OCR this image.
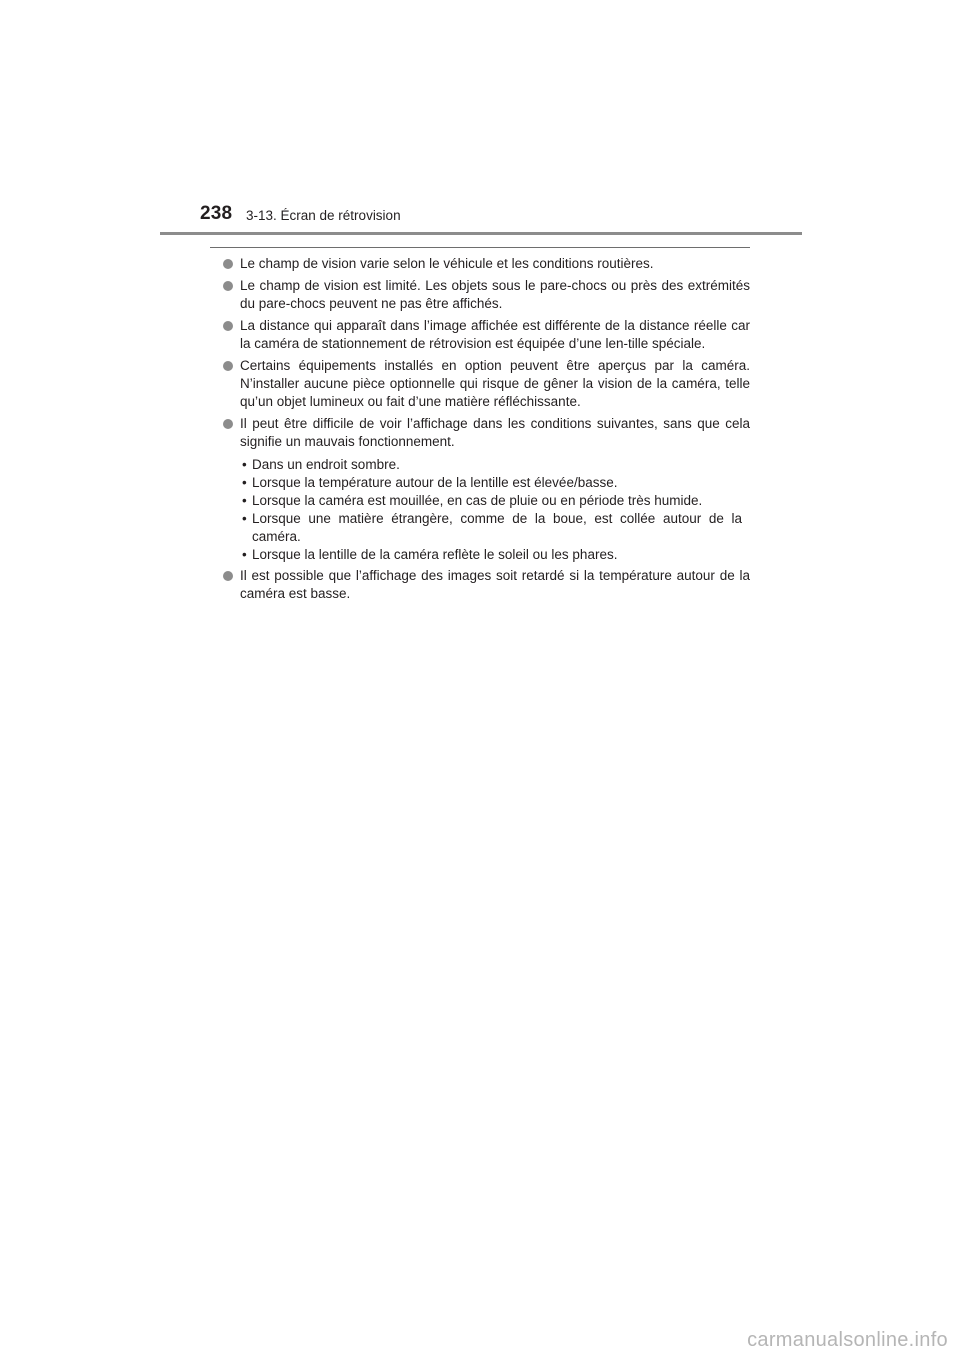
238 3-13. Écran de rétrovision
Le champ de vision varie selon le véhicule et les conditions routières.
Le champ de vision est limité. Les objets sous le pare-chocs ou près des extrémités du pare-chocs peuvent ne pas être affichés.
La distance qui apparaît dans l’image affichée est différente de la distance réelle car la caméra de stationnement de rétrovision est équipée d’une len-tille spéciale.
Certains équipements installés en option peuvent être aperçus par la caméra. N’installer aucune pièce optionnelle qui risque de gêner la vision de la caméra, telle qu’un objet lumineux ou fait d’une matière réfléchissante.
Il peut être difficile de voir l’affichage dans les conditions suivantes, sans que cela signifie un mauvais fonctionnement.
• Dans un endroit sombre.
• Lorsque la température autour de la lentille est élevée/basse.
• Lorsque la caméra est mouillée, en cas de pluie ou en période très humide.
• Lorsque une matière étrangère, comme de la boue, est collée autour de la caméra.
• Lorsque la lentille de la caméra reflète le soleil ou les phares.
Il est possible que l’affichage des images soit retardé si la température autour de la caméra est basse.
carmanualsonline.info
